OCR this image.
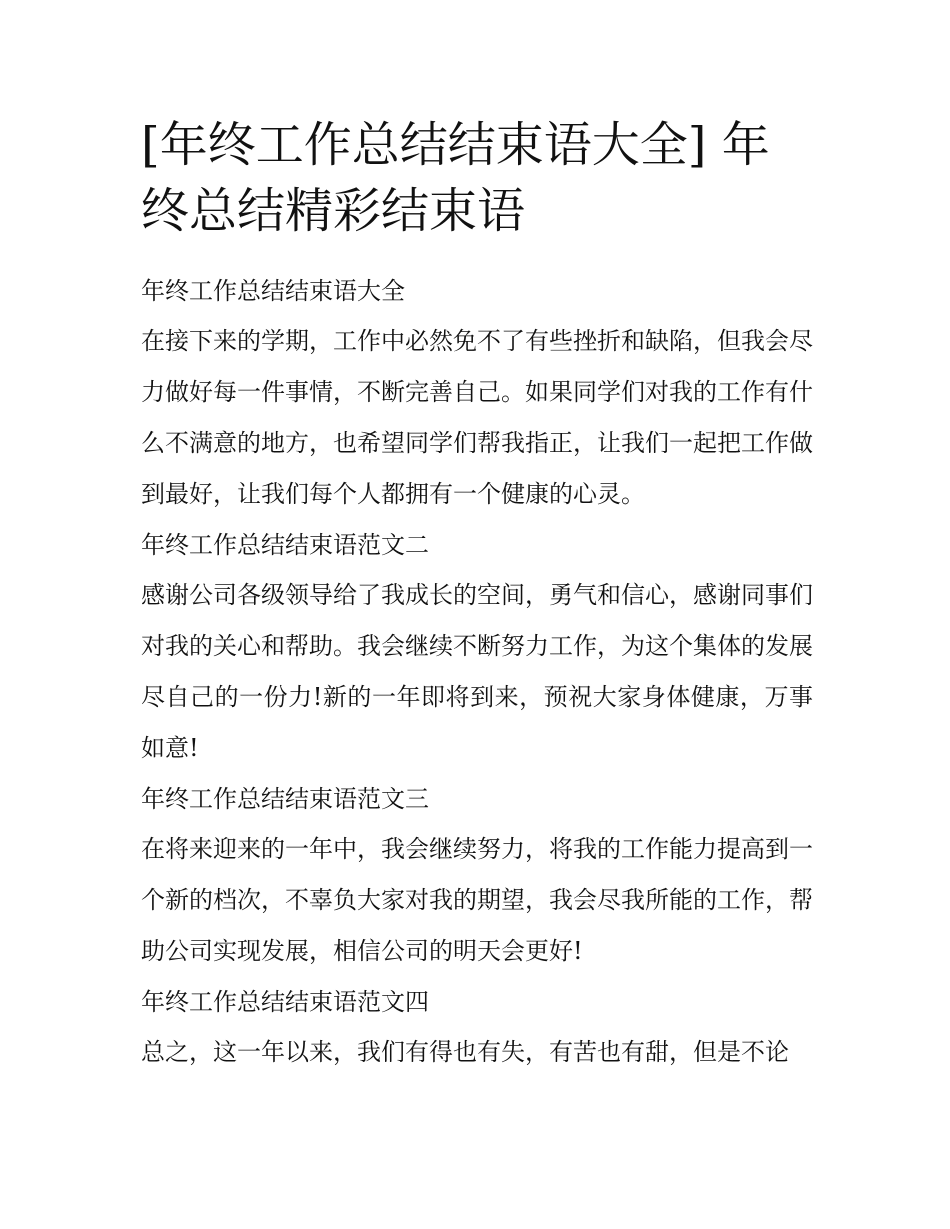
[年终工作总结结束语大全] 年终总结精彩结束语

年终工作总结结束语大全

在接下来的学期，工作中必然免不了有些挫折和缺陷，但我会尽力做好每一件事情，不断完善自己。如果同学们对我的工作有什么不满意的地方，也希望同学们帮我指正，让我们一起把工作做到最好，让我们每个人都拥有一个健康的心灵。

年终工作总结结束语范文二

感谢公司各级领导给了我成长的空间，勇气和信心，感谢同事们对我的关心和帮助。我会继续不断努力工作，为这个集体的发展尽自己的一份力!新的一年即将到来，预祝大家身体健康，万事如意!

年终工作总结结束语范文三

在将来迎来的一年中，我会继续努力，将我的工作能力提高到一个新的档次，不辜负大家对我的期望，我会尽我所能的工作，帮助公司实现发展，相信公司的明天会更好!

年终工作总结结束语范文四

总之，这一年以来，我们有得也有失，有苦也有甜，但是不论
